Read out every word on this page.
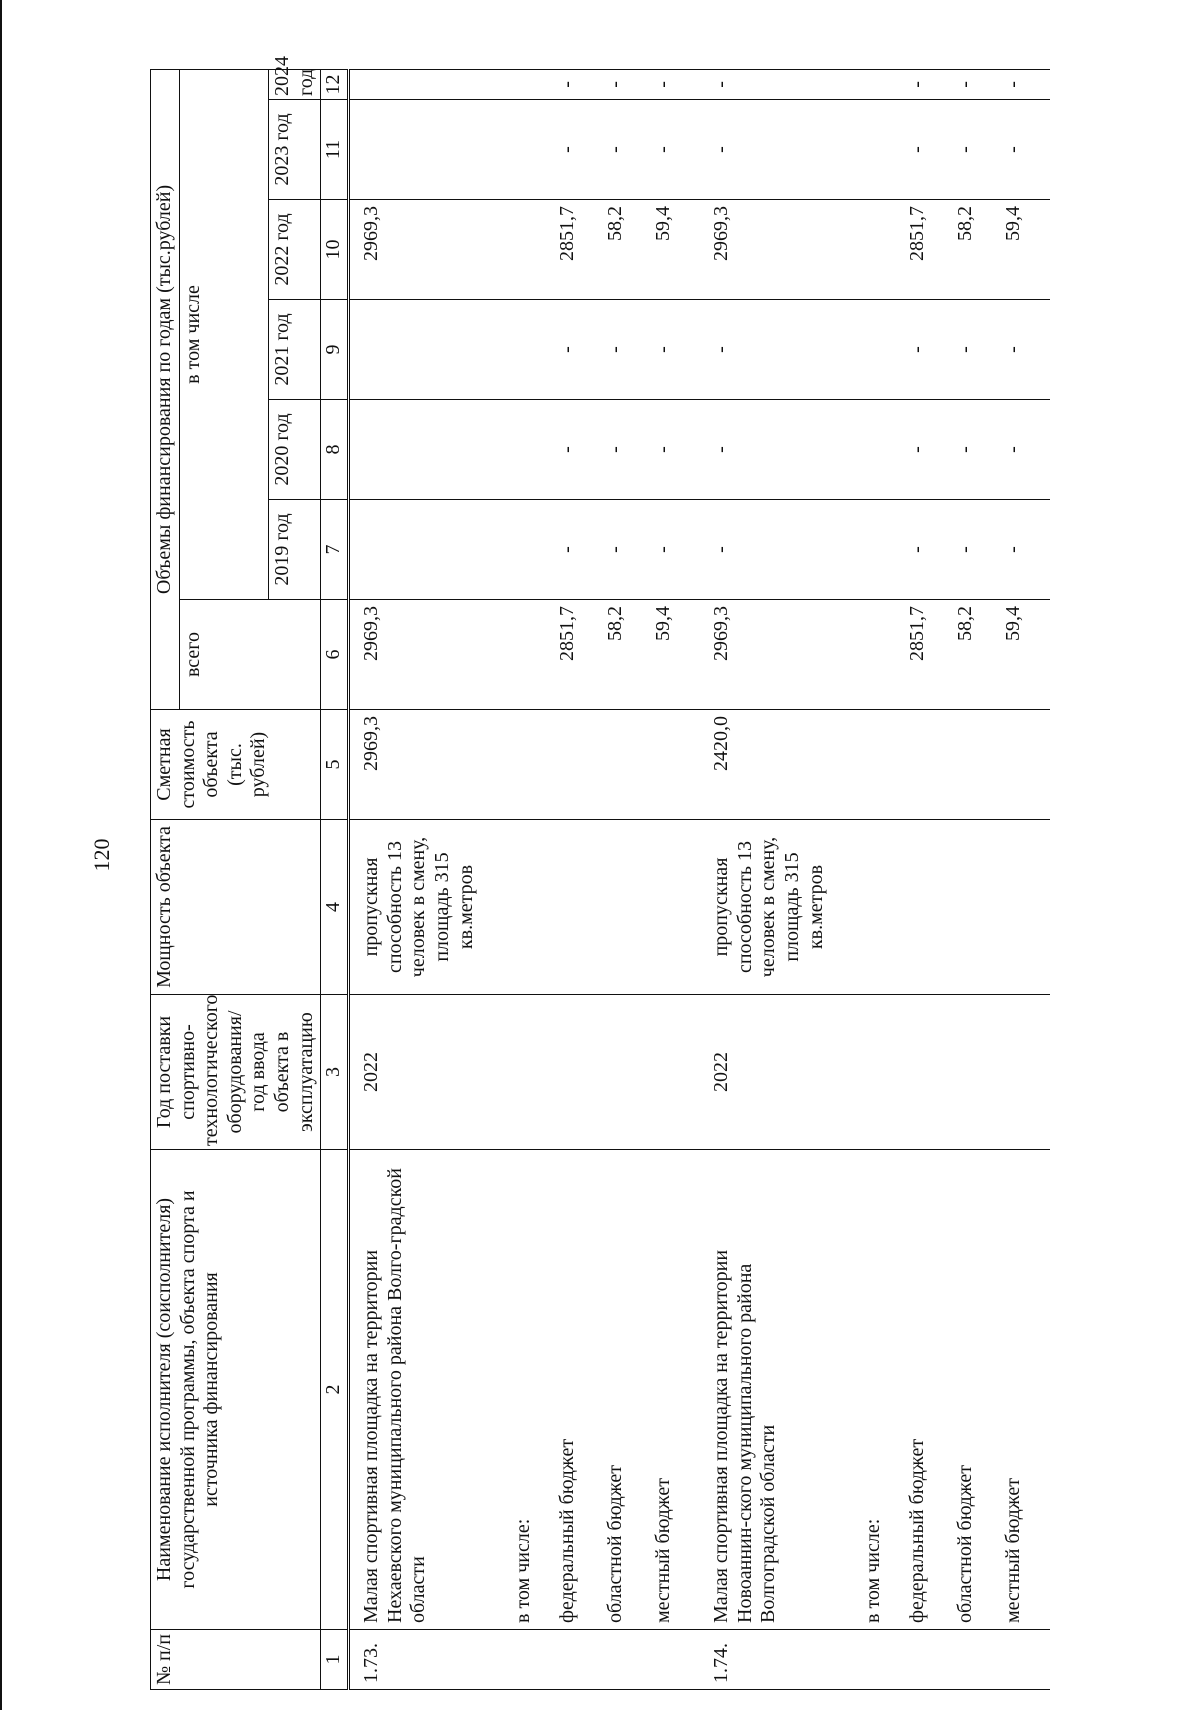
120
№ п/п	Наименование исполнителя (соисполнителя) государственной программы, объекта спорта и источника финансирования	Год поставки спортивно-технологического оборудования/ год ввода объекта в эксплуатацию	Мощность объекта	Сметная стоимость объекта (тыс. рублей)	Объемы финансирования по годам (тыс.рублей)						
					всего	в том числе					
						2019 год	2020 год	2021 год	2022 год	2023 год	2024 год
1	2	3	4	5	6	7	8	9	10	11	12
1.73.	Малая спортивная площадка на территории Нехаевского муниципального района Волго-градской области	2022	пропускная способность 13 человек в смену, площадь 315 кв.метров	2969,3	2969,3				2969,3		
	в том числе:										
	федеральный бюджет				2851,7	-	-	-	2851,7	-	-
	областной бюджет				58,2	-	-	-	58,2	-	-
	местный бюджет				59,4	-	-	-	59,4	-	-
1.74.	Малая спортивная площадка на территории Новоаннин-ского муниципального района Волгоградской области	2022	пропускная способность 13 человек в смену, площадь 315 кв.метров	2420,0	2969,3	-	-	-	2969,3	-	-
	в том числе:										
	федеральный бюджет				2851,7	-	-	-	2851,7	-	-
	областной бюджет				58,2	-	-	-	58,2	-	-
	местный бюджет				59,4	-	-	-	59,4	-	-
